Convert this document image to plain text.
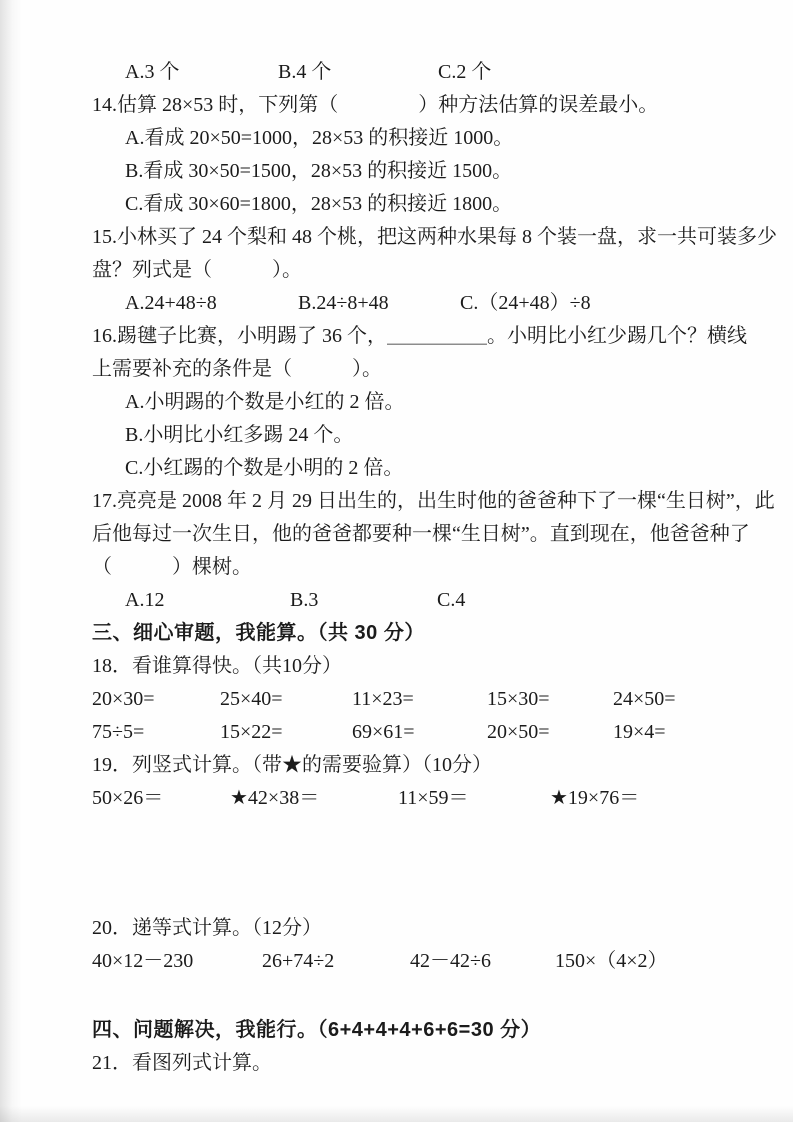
A.3 个	B.4 个	C.2 个
14.估算 28×53 时，下列第（　　　　）种方法估算的误差最小。
A.看成 20×50=1000，28×53 的积接近 1000。
B.看成 30×50=1500，28×53 的积接近 1500。
C.看成 30×60=1800，28×53 的积接近 1800。
15.小林买了 24 个梨和 48 个桃，把这两种水果每 8 个装一盘，求一共可装多少
盘？列式是（　　　）。
A.24+48÷8	B.24÷8+48	C.（24+48）÷8
16.踢毽子比赛，小明踢了 36 个，＿＿＿＿＿。小明比小红少踢几个？横线
上需要补充的条件是（　　　）。
A.小明踢的个数是小红的 2 倍。
B.小明比小红多踢 24 个。
C.小红踢的个数是小明的 2 倍。
17.亮亮是 2008 年 2 月 29 日出生的，出生时他的爸爸种下了一棵“生日树”，此
后他每过一次生日，他的爸爸都要种一棵“生日树”。直到现在，他爸爸种了
（　　　）棵树。
A.12	B.3	C.4
三、细心审题，我能算。（共 30 分）
18．看谁算得快。（共10分）
20×30=	25×40=	11×23=	15×30=	24×50=
75÷5=	15×22=	69×61=	20×50=	19×4=
19．列竖式计算。（带★的需要验算）（10分）
50×26＝	★42×38＝	11×59＝	★19×76＝
20．递等式计算。（12分）
40×12－230	26+74÷2	42－42÷6	150×（4×2）
四、问题解决，我能行。（6+4+4+4+6+6=30 分）
21．看图列式计算。
